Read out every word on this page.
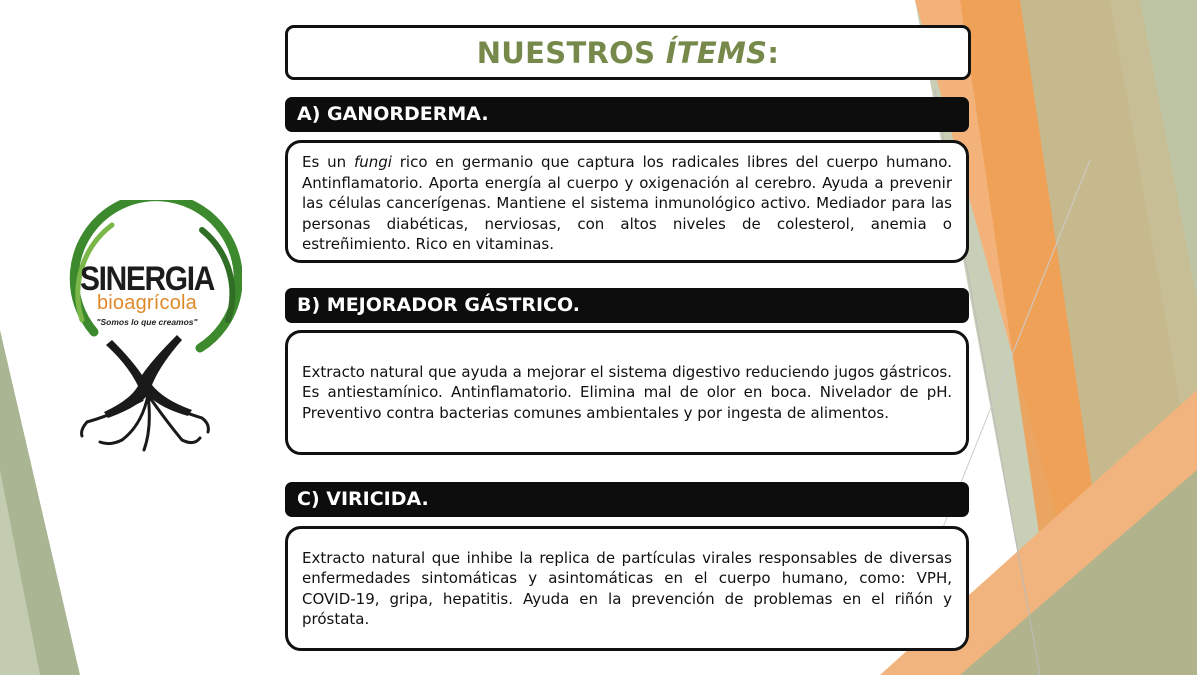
SINERGIA
bioagrícola
"Somos lo que creamos"
NUESTROS ÍTEMS:
A) GANORDERMA.

Es un fungi rico en germanio que captura los radicales libres del cuerpo humano. Antinflamatorio. Aporta energía al cuerpo y oxigenación al cerebro. Ayuda a prevenir las células cancerígenas. Mantiene el sistema inmunológico activo. Mediador para las personas diabéticas, nerviosas, con altos niveles de colesterol, anemia o estreñimiento. Rico en vitaminas.

B) MEJORADOR GÁSTRICO.

Extracto natural que ayuda a mejorar el sistema digestivo reduciendo jugos gástricos. Es antiestamínico. Antinflamatorio. Elimina mal de olor en boca. Nivelador de pH. Preventivo contra bacterias comunes ambientales y por ingesta de alimentos.

C) VIRICIDA.

Extracto natural que inhibe la replica de partículas virales responsables de diversas enfermedades sintomáticas y asintomáticas en el cuerpo humano, como: VPH, COVID-19, gripa, hepatitis. Ayuda en la prevención de problemas en el riñón y próstata.
